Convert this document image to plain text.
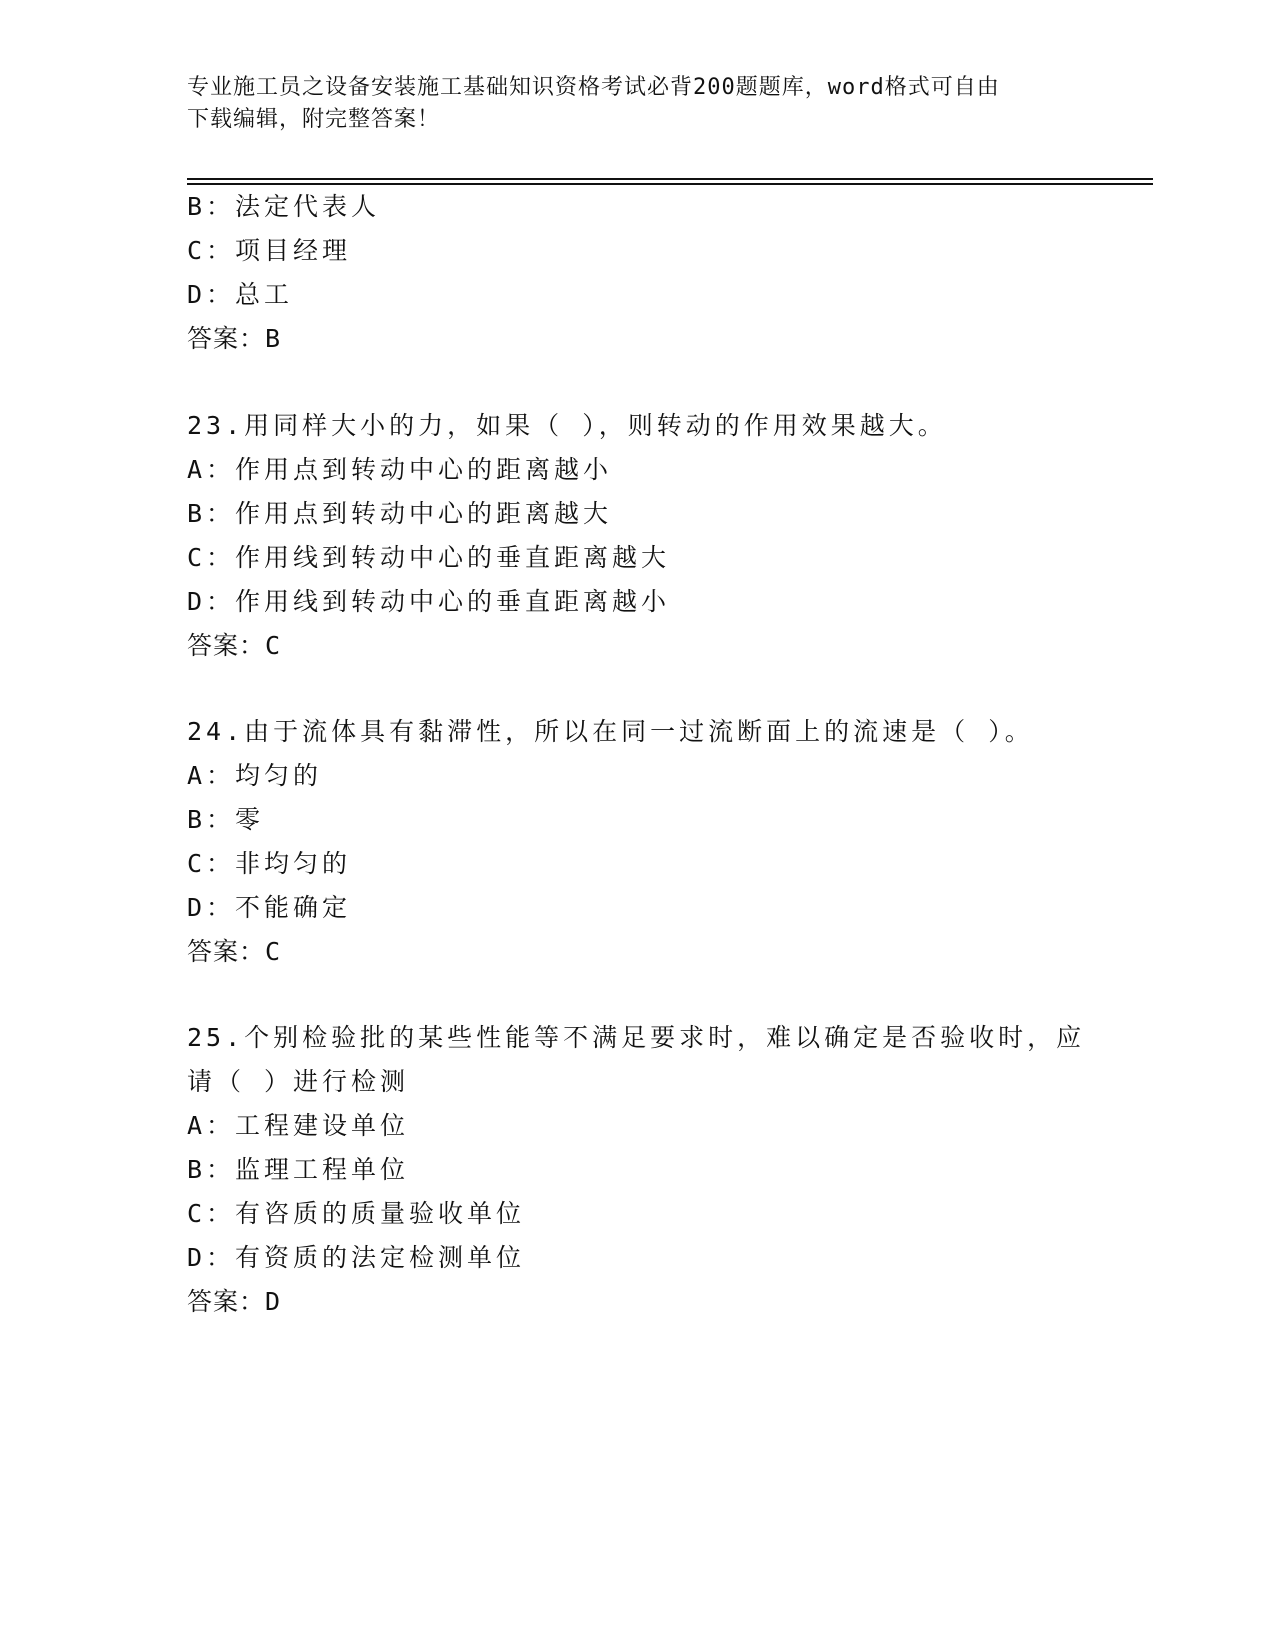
专业施工员之设备安装施工基础知识资格考试必背200题题库，word格式可自由
下载编辑，附完整答案！
B：法定代表人
C：项目经理
D：总工
答案：B
23.用同样大小的力，如果（ ），则转动的作用效果越大。
A：作用点到转动中心的距离越小
B：作用点到转动中心的距离越大
C：作用线到转动中心的垂直距离越大
D：作用线到转动中心的垂直距离越小
答案：C
24.由于流体具有黏滞性，所以在同一过流断面上的流速是（ ）。
A：均匀的
B：零
C：非均匀的
D：不能确定
答案：C
25.个别检验批的某些性能等不满足要求时，难以确定是否验收时，应
请（ ）进行检测
A：工程建设单位
B：监理工程单位
C：有咨质的质量验收单位
D：有资质的法定检测单位
答案：D
